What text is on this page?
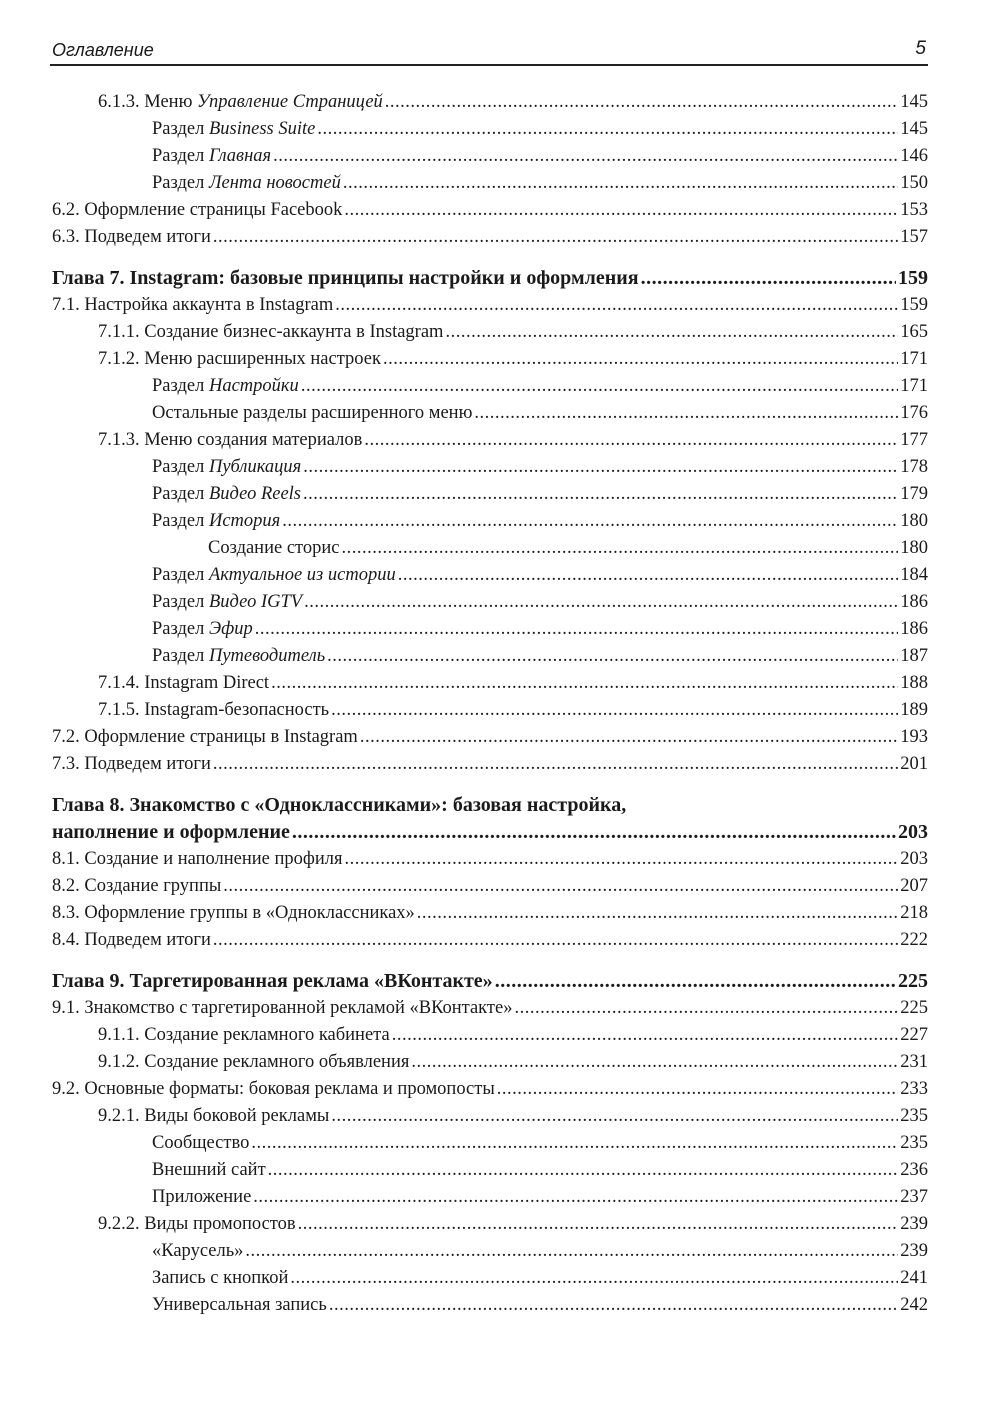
Оглавление	5
6.1.3. Меню Управление Страницей .....	145
Раздел Business Suite .....	145
Раздел Главная .....	146
Раздел Лента новостей .....	150
6.2. Оформление страницы Facebook .....	153
6.3. Подведем итоги .....	157
Глава 7. Instagram: базовые принципы настройки и оформления .....	159
7.1. Настройка аккаунта в Instagram .....	159
7.1.1. Создание бизнес-аккаунта в Instagram .....	165
7.1.2. Меню расширенных настроек .....	171
Раздел Настройки .....	171
Остальные разделы расширенного меню .....	176
7.1.3. Меню создания материалов .....	177
Раздел Публикация .....	178
Раздел Видео Reels .....	179
Раздел История .....	180
Создание сторис .....	180
Раздел Актуальное из истории .....	184
Раздел Видео IGTV .....	186
Раздел Эфир .....	186
Раздел Путеводитель .....	187
7.1.4. Instagram Direct .....	188
7.1.5. Instagram-безопасность .....	189
7.2. Оформление страницы в Instagram .....	193
7.3. Подведем итоги .....	201
Глава 8. Знакомство с «Одноклассниками»: базовая настройка,
наполнение и оформление .....	203
8.1. Создание и наполнение профиля .....	203
8.2. Создание группы .....	207
8.3. Оформление группы в «Одноклассниках» .....	218
8.4. Подведем итоги .....	222
Глава 9. Таргетированная реклама «ВКонтакте» .....	225
9.1. Знакомство с таргетированной рекламой «ВКонтакте» .....	225
9.1.1. Создание рекламного кабинета .....	227
9.1.2. Создание рекламного объявления .....	231
9.2. Основные форматы: боковая реклама и промопосты .....	233
9.2.1. Виды боковой рекламы .....	235
Сообщество .....	235
Внешний сайт .....	236
Приложение .....	237
9.2.2. Виды промопостов .....	239
«Карусель» .....	239
Запись с кнопкой .....	241
Универсальная запись .....	242
